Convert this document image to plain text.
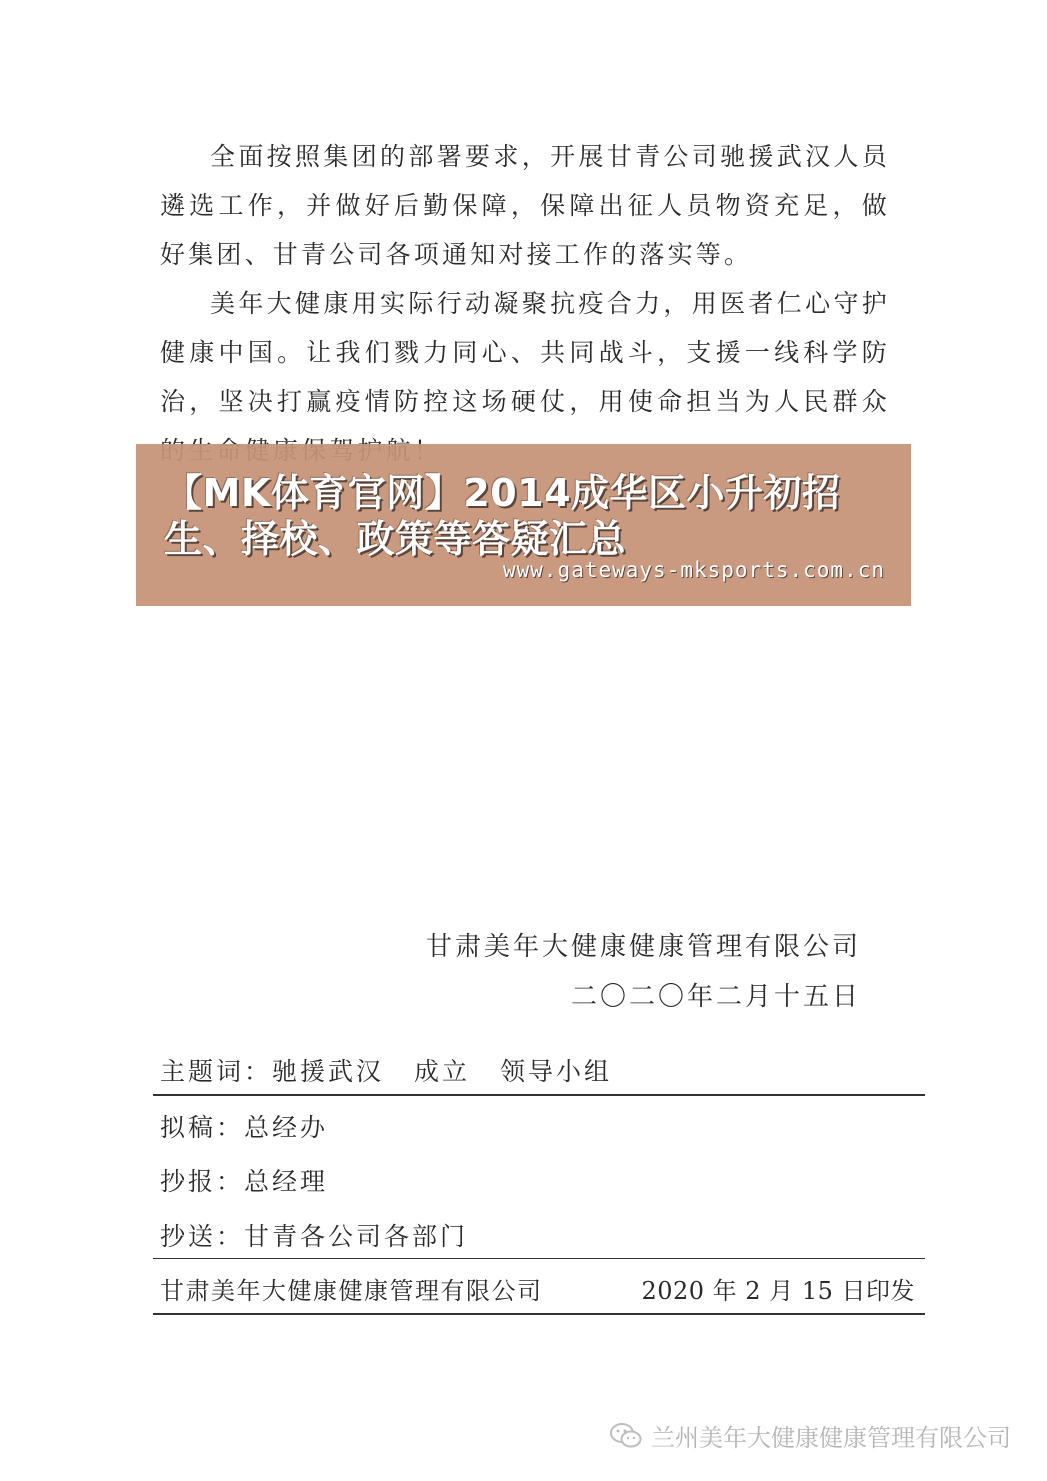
全面按照集团的部署要求，开展甘青公司驰援武汉人员遴选工作，并做好后勤保障，保障出征人员物资充足，做好集团、甘青公司各项通知对接工作的落实等。

美年大健康用实际行动凝聚抗疫合力，用医者仁心守护健康中国。让我们戮力同心、共同战斗，支援一线科学防治，坚决打赢疫情防控这场硬仗，用使命担当为人民群众

【MK体育官网】2014成华区小升初招生、择校、政策等答疑汇总
www.gateways-mksports.com.cn
甘肃美年大健康健康管理有限公司
二〇二〇年二月十五日
主题词：驰援武汉 成立 领导小组
拟稿：总经办
抄报：总经理
抄送：甘青各公司各部门
甘肃美年大健康健康管理有限公司	2020 年 2 月 15 日印发
兰州美年大健康健康管理有限公司
